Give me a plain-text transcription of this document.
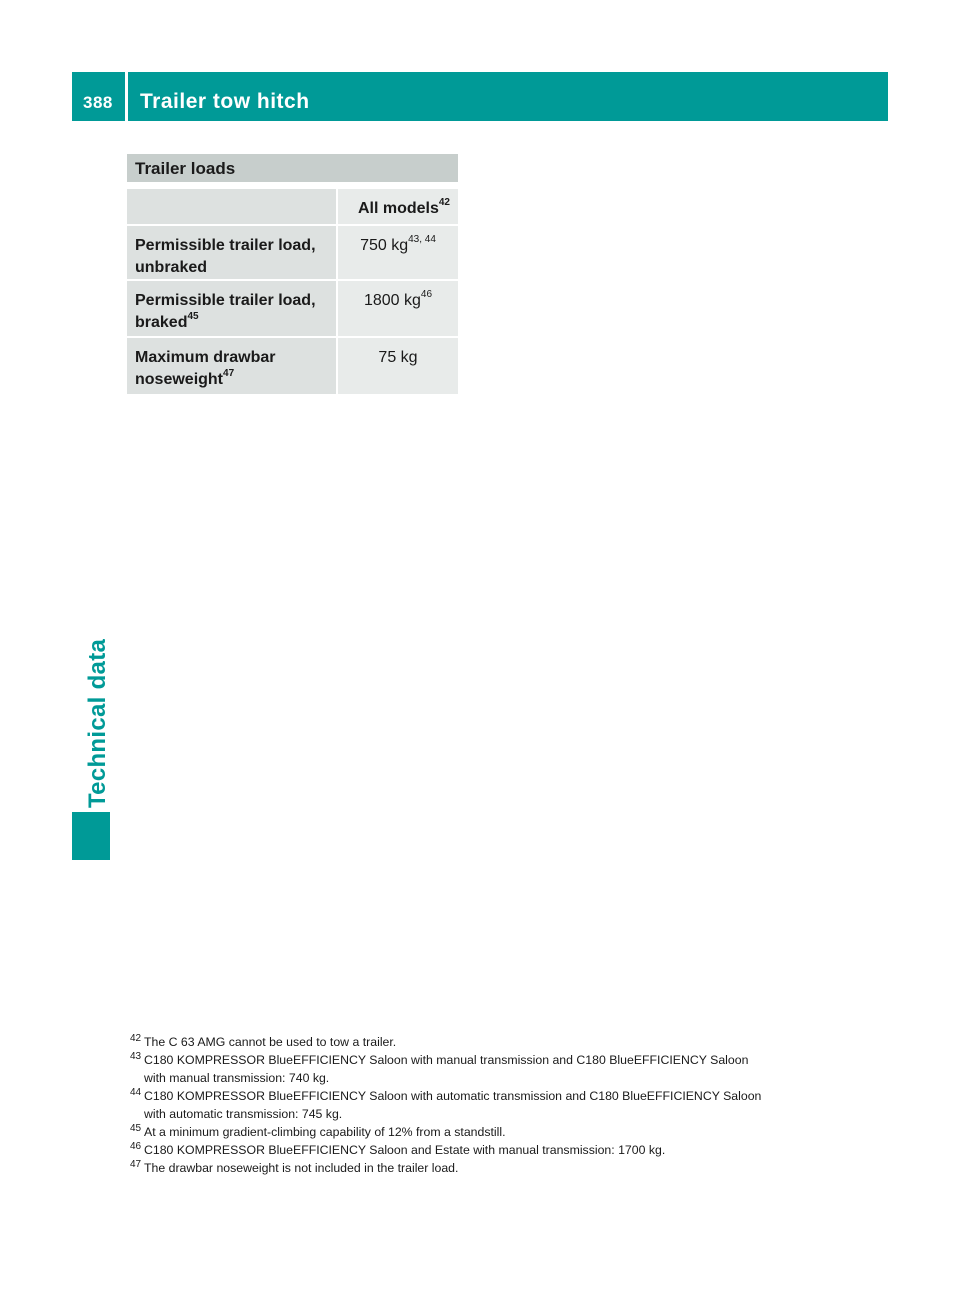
388 Trailer tow hitch
Technical data
Trailer loads
All models$^{42}$
Permissible trailer load,
unbraked
750 kg$^{43, 44}$
Permissible trailer load,
braked$^{45}$
1800 $kg^{46}$
Maximum drawbar
noseweight$^{47}$
75 kg
42 The C 63 AMG cannot be used to tow a trailer.
43 C180 KOMPRESSOR BlueEFFICIENCY Saloon with manual transmission and C180 BlueEFFICIENCY Saloon
with manual transmission: 740 kg.
44 C180 KOMPRESSOR BlueEFFICIENCY Saloon with automatic transmission and C180 BlueEFFICIENCY Saloon
with automatic transmission: 745 kg.
45 At a minimum gradient-climbing capability of 12% from a standstill.
46 C180 KOMPRESSOR BlueEFFICIENCY Saloon and Estate with manual transmission: 1700 kg.
47 The drawbar noseweight is not included in the trailer load.
